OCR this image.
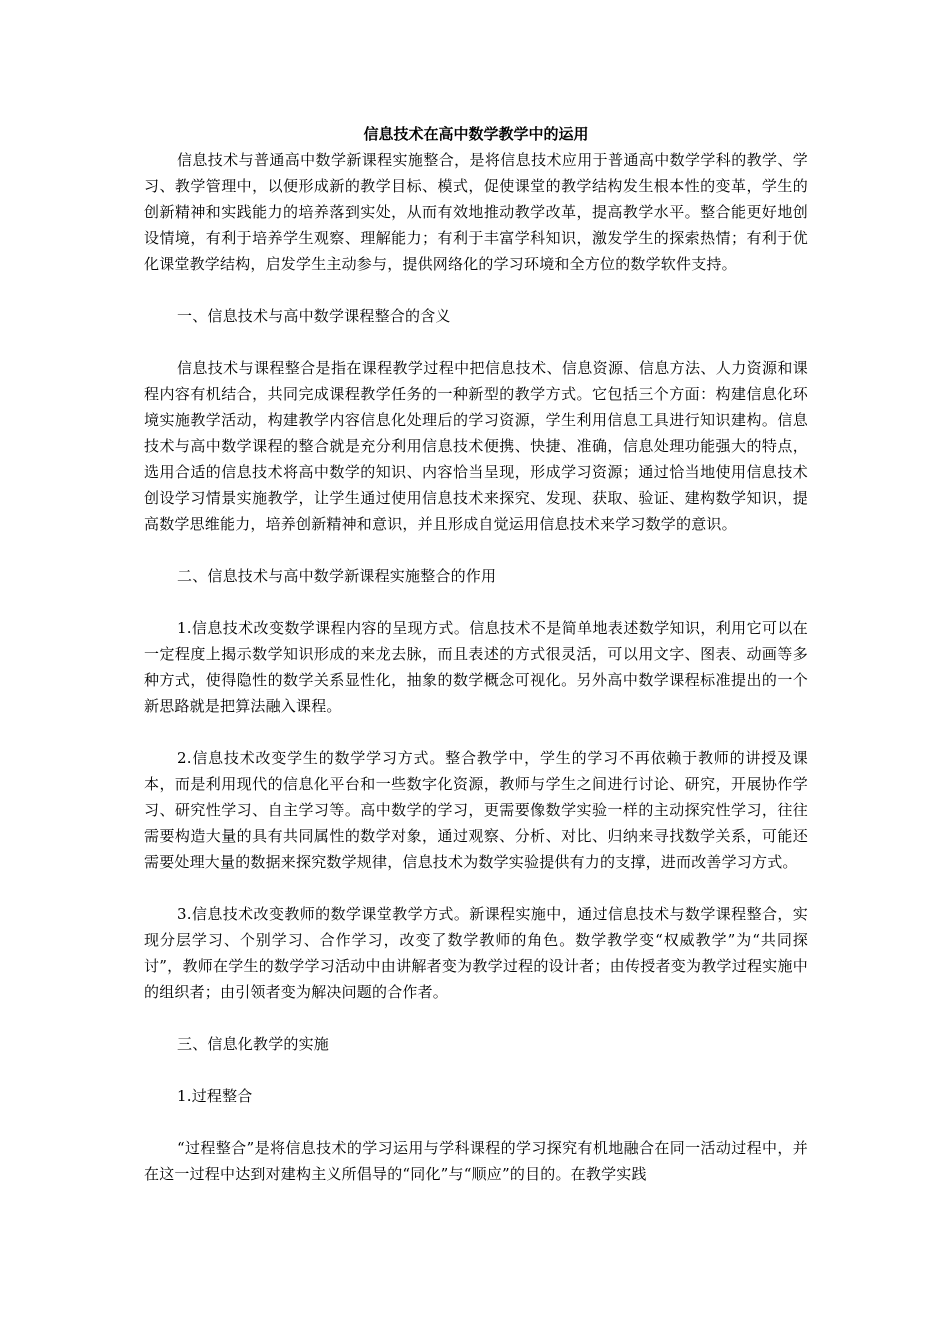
信息技术在高中数学教学中的运用

信息技术与普通高中数学新课程实施整合，是将信息技术应用于普通高中数学学科的教学、学习、教学管理中，以便形成新的教学目标、模式，促使课堂的教学结构发生根本性的变革，学生的创新精神和实践能力的培养落到实处，从而有效地推动教学改革，提高教学水平。整合能更好地创设情境，有利于培养学生观察、理解能力；有利于丰富学科知识，激发学生的探索热情；有利于优化课堂教学结构，启发学生主动参与，提供网络化的学习环境和全方位的数学软件支持。

一、信息技术与高中数学课程整合的含义

信息技术与课程整合是指在课程教学过程中把信息技术、信息资源、信息方法、人力资源和课程内容有机结合，共同完成课程教学任务的一种新型的教学方式。它包括三个方面：构建信息化环境实施教学活动，构建教学内容信息化处理后的学习资源，学生利用信息工具进行知识建构。信息技术与高中数学课程的整合就是充分利用信息技术便携、快捷、准确，信息处理功能强大的特点，选用合适的信息技术将高中数学的知识、内容恰当呈现，形成学习资源；通过恰当地使用信息技术创设学习情景实施教学，让学生通过使用信息技术来探究、发现、获取、验证、建构数学知识，提高数学思维能力，培养创新精神和意识，并且形成自觉运用信息技术来学习数学的意识。

二、信息技术与高中数学新课程实施整合的作用

1.信息技术改变数学课程内容的呈现方式。信息技术不是简单地表述数学知识，利用它可以在一定程度上揭示数学知识形成的来龙去脉，而且表述的方式很灵活，可以用文字、图表、动画等多种方式，使得隐性的数学关系显性化，抽象的数学概念可视化。另外高中数学课程标准提出的一个新思路就是把算法融入课程。

2.信息技术改变学生的数学学习方式。整合教学中，学生的学习不再依赖于教师的讲授及课本，而是利用现代的信息化平台和一些数字化资源，教师与学生之间进行讨论、研究，开展协作学习、研究性学习、自主学习等。高中数学的学习，更需要像数学实验一样的主动探究性学习，往往需要构造大量的具有共同属性的数学对象，通过观察、分析、对比、归纳来寻找数学关系，可能还需要处理大量的数据来探究数学规律，信息技术为数学实验提供有力的支撑，进而改善学习方式。

3.信息技术改变教师的数学课堂教学方式。新课程实施中，通过信息技术与数学课程整合，实现分层学习、个别学习、合作学习，改变了数学教师的角色。数学教学变“权威教学”为“共同探讨”，教师在学生的数学学习活动中由讲解者变为教学过程的设计者；由传授者变为教学过程实施中的组织者；由引领者变为解决问题的合作者。

三、信息化教学的实施

1.过程整合

“过程整合”是将信息技术的学习运用与学科课程的学习探究有机地融合在同一活动过程中，并在这一过程中达到对建构主义所倡导的“同化”与“顺应”的目的。在教学实践
